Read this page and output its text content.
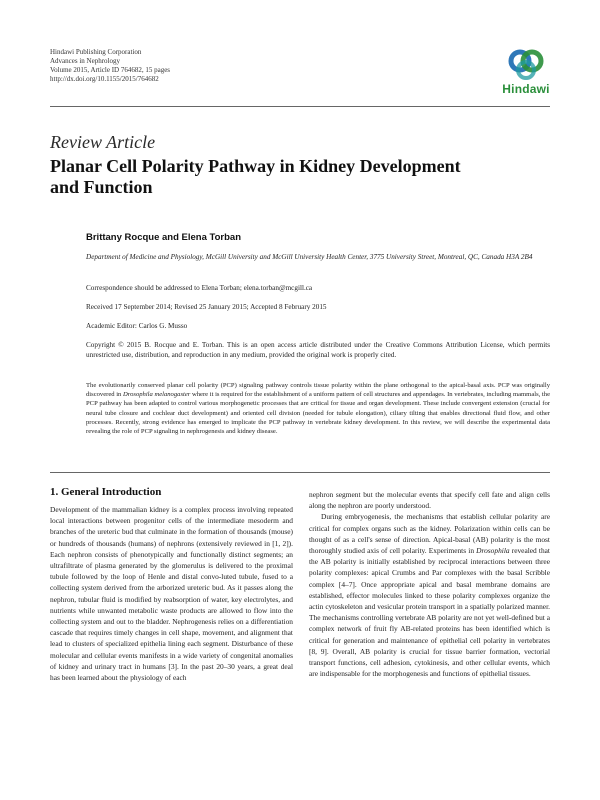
Hindawi Publishing Corporation
Advances in Nephrology
Volume 2015, Article ID 764682, 15 pages
http://dx.doi.org/10.1155/2015/764682
Hindawi
Review Article
Planar Cell Polarity Pathway in Kidney Development and Function
Brittany Rocque and Elena Torban
Department of Medicine and Physiology, McGill University and McGill University Health Center, 3775 University Street, Montreal, QC, Canada H3A 2B4
Correspondence should be addressed to Elena Torban; elena.torban@mcgill.ca
Received 17 September 2014; Revised 25 January 2015; Accepted 8 February 2015
Academic Editor: Carlos G. Musso
Copyright © 2015 B. Rocque and E. Torban. This is an open access article distributed under the Creative Commons Attribution License, which permits unrestricted use, distribution, and reproduction in any medium, provided the original work is properly cited.
The evolutionarily conserved planar cell polarity (PCP) signaling pathway controls tissue polarity within the plane orthogonal to the apical-basal axis. PCP was originally discovered in Drosophila melanogaster where it is required for the establishment of a uniform pattern of cell structures and appendages. In vertebrates, including mammals, the PCP pathway has been adapted to control various morphogenetic processes that are critical for tissue and organ development. These include convergent extension (crucial for neural tube closure and cochlear duct development) and oriented cell division (needed for tubule elongation), ciliary tilting that enables directional fluid flow, and other processes. Recently, strong evidence has emerged to implicate the PCP pathway in vertebrate kidney development. In this review, we will describe the experimental data revealing the role of PCP signaling in nephrogenesis and kidney disease.
1. General Introduction

Development of the mammalian kidney is a complex process involving repeated local interactions between progenitor cells of the intermediate mesoderm and branches of the ureteric bud that culminate in the formation of thousands (mouse) or hundreds of thousands (humans) of nephrons (extensively reviewed in [1, 2]). Each nephron consists of phenotypically and functionally distinct segments; an ultrafiltrate of plasma generated by the glomerulus is delivered to the proximal tubule followed by the loop of Henle and distal convo-luted tubule, fused to a collecting system derived from the arborized ureteric bud. As it passes along the nephron, tubular fluid is modified by reabsorption of water, key electrolytes, and nutrients while unwanted metabolic waste products are allowed to flow into the collecting system and out to the bladder. Nephrogenesis relies on a differentiation cascade that requires timely changes in cell shape, movement, and alignment that lead to clusters of specialized epithelia lining each segment. Disturbance of these molecular and cellular events manifests in a wide variety of congenital anomalies of kidney and urinary tract in humans [3]. In the past 20–30 years, a great deal has been learned about the physiology of each

nephron segment but the molecular events that specify cell fate and align cells along the nephron are poorly understood.

During embryogenesis, the mechanisms that establish cellular polarity are critical for complex organs such as the kidney. Polarization within cells can be thought of as a cell's sense of direction. Apical-basal (AB) polarity is the most thoroughly studied axis of cell polarity. Experiments in Drosophila revealed that the AB polarity is initially established by reciprocal interactions between three polarity complexes: apical Crumbs and Par complexes with the basal Scribble complex [4–7]. Once appropriate apical and basal membrane domains are established, effector molecules linked to these polarity complexes organize the actin cytoskeleton and vesicular protein transport in a spatially polarized manner. The mechanisms controlling vertebrate AB polarity are not yet well-defined but a complex network of fruit fly AB-related proteins has been identified which is critical for generation and maintenance of epithelial cell polarity in vertebrates [8, 9]. Overall, AB polarity is crucial for tissue barrier formation, vectorial transport functions, cell adhesion, cytokinesis, and other cellular events, which are indispensable for the morphogenesis and functions of epithelial tissues.
